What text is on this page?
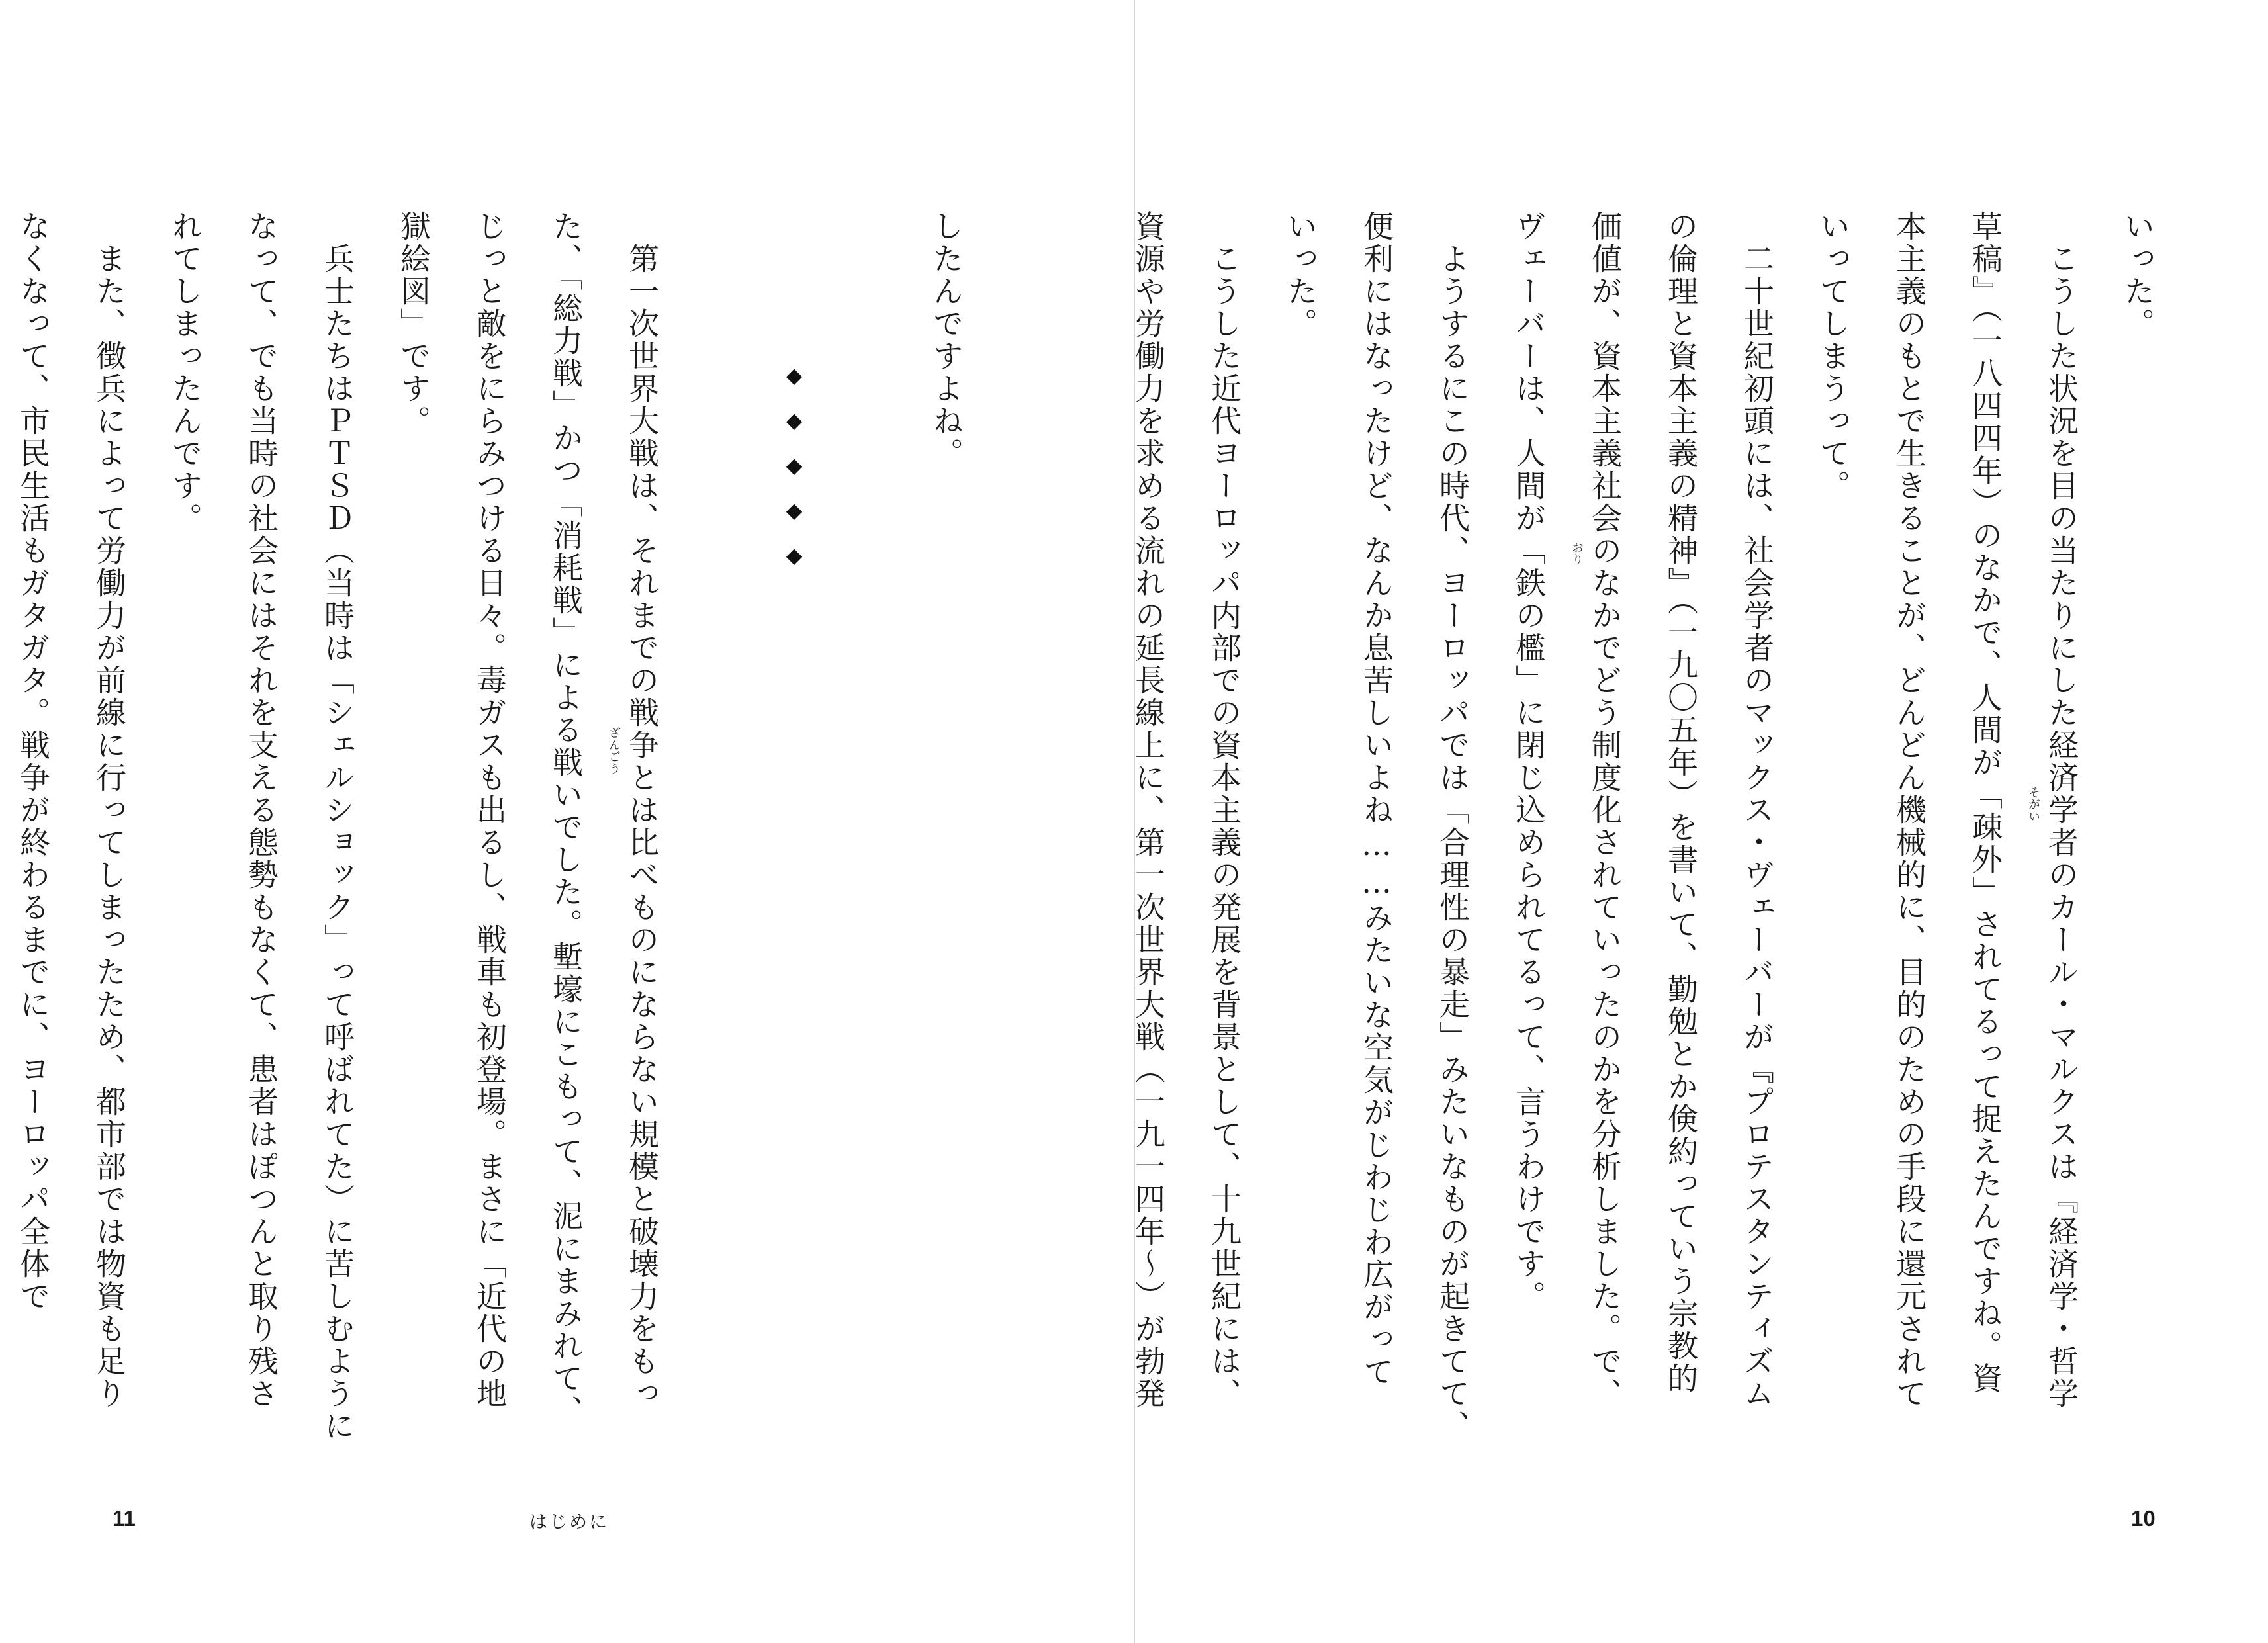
したんですよね。

◆◆◆◆◆

　第一次世界大戦は、それまでの戦争とは比べものにならない規模と破壊力をもっ
た、「総力戦」かつ「消耗戦」による戦いでした。塹壕にこもって、泥にまみれて、 ざんごう
じっと敵をにらみつける日々。毒ガスも出るし、戦車も初登場。まさに「近代の地
獄絵図」です。
　兵士たちはＰＴＳＤ（当時は「シェルショック」って呼ばれてた）に苦しむように
なって、でも当時の社会にはそれを支える態勢もなくて、患者はぽつんと取り残さ
れてしまったんです。
　また、徴兵によって労働力が前線に行ってしまったため、都市部では物資も足り
なくなって、市民生活もガタガタ。戦争が終わるまでに、ヨーロッパ全体で
11	はじめに
いった。
　こうした状況を目の当たりにした経済学者のカール・マルクスは『経済学・哲学
草稿』（一八四四年）のなかで、人間が「疎外」されてるって捉えたんですね。資 そがい
本主義のもとで生きることが、どんどん機械的に、目的のための手段に還元されて
いってしまうって。
　二十世紀初頭には、社会学者のマックス・ヴェーバーが『プロテスタンティズム
の倫理と資本主義の精神』（一九〇五年）を書いて、勤勉とか倹約っていう宗教的
価値が、資本主義社会のなかでどう制度化されていったのかを分析しました。で、
ヴェーバーは、人間が「鉄の檻」に閉じ込められてるって、言うわけです。 おり
　ようするにこの時代、ヨーロッパでは「合理性の暴走」みたいなものが起きてて、
便利にはなったけど、なんか息苦しいよね……みたいな空気がじわじわ広がって
いった。
　こうした近代ヨーロッパ内部での資本主義の発展を背景として、十九世紀には、
資源や労働力を求める流れの延長線上に、第一次世界大戦（一九一四年〜）が勃発
10
